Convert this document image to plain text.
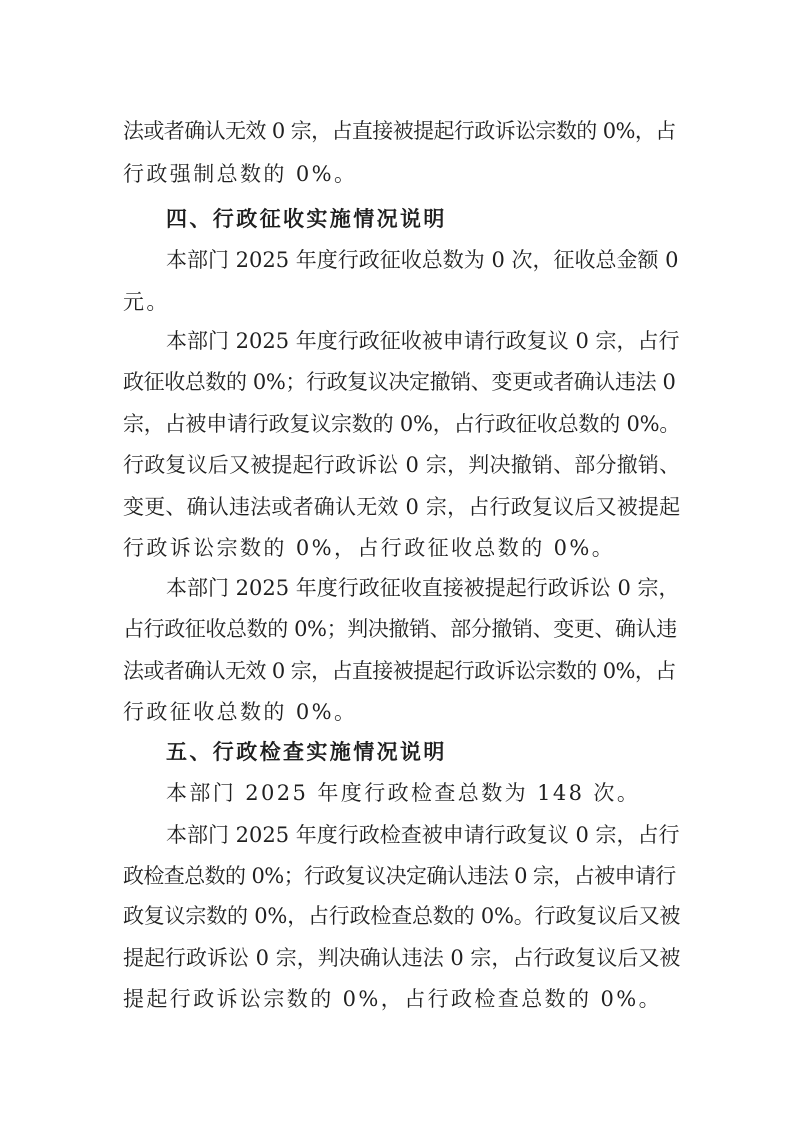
法或者确认无效 0 宗，占直接被提起行政诉讼宗数的 0%，占
行政强制总数的 0%。
四、行政征收实施情况说明
本部门 2025 年度行政征收总数为 0 次，征收总金额 0
元。
本部门 2025 年度行政征收被申请行政复议 0 宗，占行
政征收总数的 0%；行政复议决定撤销、变更或者确认违法 0
宗，占被申请行政复议宗数的 0%，占行政征收总数的 0%。
行政复议后又被提起行政诉讼 0 宗，判决撤销、部分撤销、
变更、确认违法或者确认无效 0 宗，占行政复议后又被提起
行政诉讼宗数的 0%，占行政征收总数的 0%。
本部门 2025 年度行政征收直接被提起行政诉讼 0 宗，
占行政征收总数的 0%；判决撤销、部分撤销、变更、确认违
法或者确认无效 0 宗，占直接被提起行政诉讼宗数的 0%，占
行政征收总数的 0%。
五、行政检查实施情况说明
本部门 2025 年度行政检查总数为 148 次。
本部门 2025 年度行政检查被申请行政复议 0 宗，占行
政检查总数的 0%；行政复议决定确认违法 0 宗，占被申请行
政复议宗数的 0%，占行政检查总数的 0%。行政复议后又被
提起行政诉讼 0 宗，判决确认违法 0 宗，占行政复议后又被
提起行政诉讼宗数的 0%，占行政检查总数的 0%。
